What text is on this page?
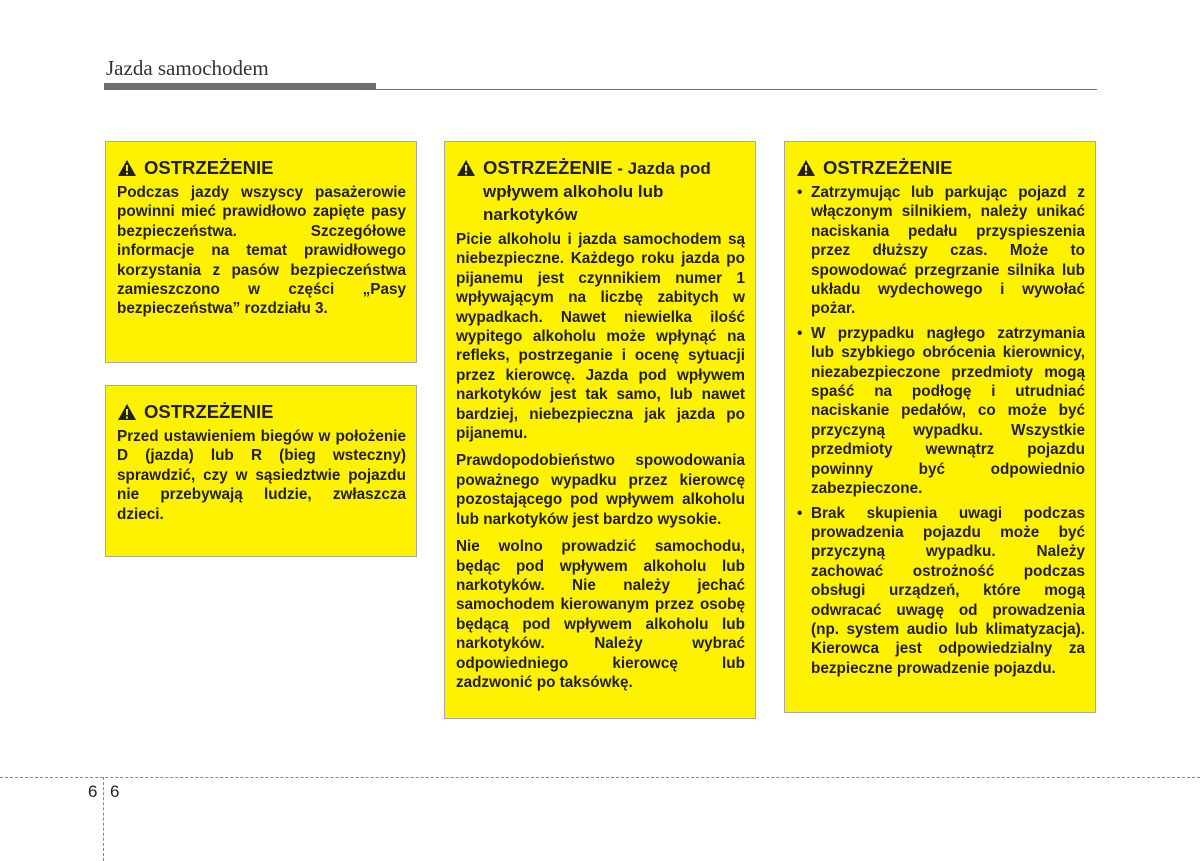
Jazda samochodem
OSTRZEŻENIE

Podczas jazdy wszyscy pasażerowie powinni mieć prawidłowo zapięte pasy bezpieczeństwa. Szczegółowe informacje na temat prawidłowego korzystania z pasów bezpieczeństwa zamieszczono w części „Pasy bezpieczeństwa” rozdziału 3.

OSTRZEŻENIE

Przed ustawieniem biegów w położenie D (jazda) lub R (bieg wsteczny) sprawdzić, czy w sąsiedztwie pojazdu nie przebywają ludzie, zwłaszcza dzieci.

OSTRZEŻENIE - Jazda pod wpływem alkoholu lub narkotyków

Picie alkoholu i jazda samochodem są niebezpieczne. Każdego roku jazda po pijanemu jest czynnikiem numer 1 wpływającym na liczbę zabitych w wypadkach. Nawet niewielka ilość wypitego alkoholu może wpłynąć na refleks, postrzeganie i ocenę sytuacji przez kierowcę. Jazda pod wpływem narkotyków jest tak samo, lub nawet bardziej, niebezpieczna jak jazda po pijanemu.

Prawdopodobieństwo spowodowania poważnego wypadku przez kierowcę pozostającego pod wpływem alkoholu lub narkotyków jest bardzo wysokie.

Nie wolno prowadzić samochodu, będąc pod wpływem alkoholu lub narkotyków. Nie należy jechać samochodem kierowanym przez osobę będącą pod wpływem alkoholu lub narkotyków. Należy wybrać odpowiedniego kierowcę lub zadzwonić po taksówkę.

OSTRZEŻENIE
• Zatrzymując lub parkując pojazd z włączonym silnikiem, należy unikać naciskania pedału przyspieszenia przez dłuższy czas. Może to spowodować przegrzanie silnika lub układu wydechowego i wywołać pożar.
• W przypadku nagłego zatrzymania lub szybkiego obrócenia kierownicy, niezabezpieczone przedmioty mogą spaść na podłogę i utrudniać naciskanie pedałów, co może być przyczyną wypadku. Wszystkie przedmioty wewnątrz pojazdu powinny być odpowiednio zabezpieczone.
• Brak skupienia uwagi podczas prowadzenia pojazdu może być przyczyną wypadku. Należy zachować ostrożność podczas obsługi urządzeń, które mogą odwracać uwagę od prowadzenia (np. system audio lub klimatyzacja). Kierowca jest odpowiedzialny za bezpieczne prowadzenie pojazdu.
6 6
